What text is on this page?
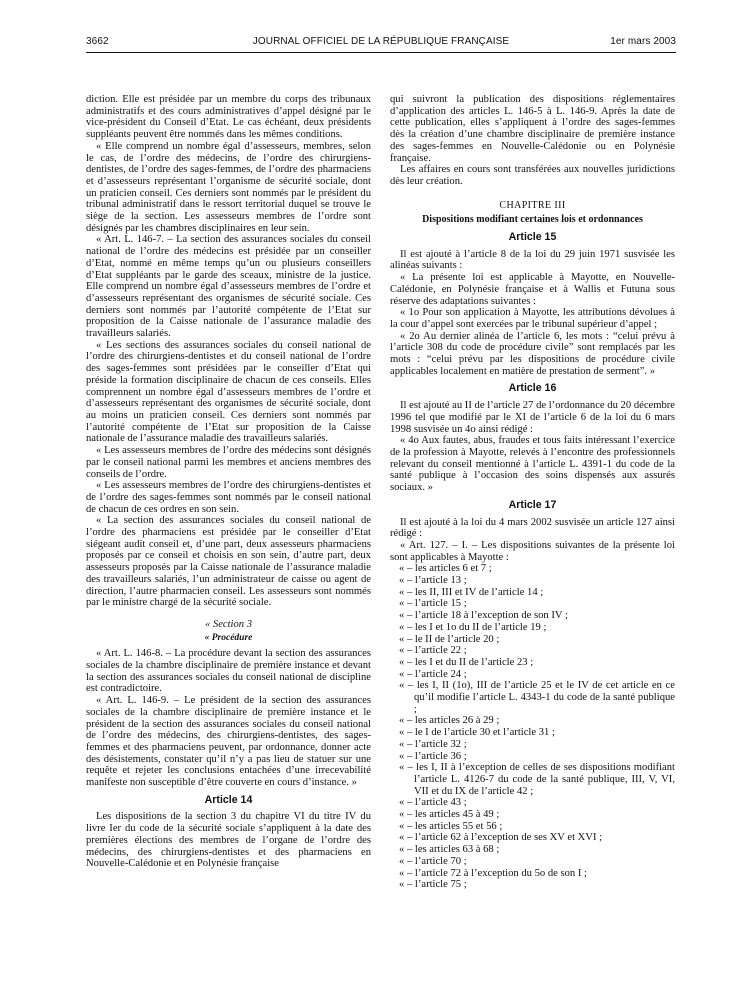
3662	JOURNAL OFFICIEL DE LA RÉPUBLIQUE FRANÇAISE	1er mars 2003

diction. Elle est présidée par un membre du corps des tribunaux administratifs et des cours administratives d’appel désigné par le vice-président du Conseil d’Etat. Le cas échéant, deux présidents suppléants peuvent être nommés dans les mêmes conditions.

« Elle comprend un nombre égal d’assesseurs, membres, selon le cas, de l’ordre des médecins, de l’ordre des chirurgiens-dentistes, de l’ordre des sages-femmes, de l’ordre des pharmaciens et d’assesseurs représentant l’organisme de sécurité sociale, dont un praticien conseil. Ces derniers sont nommés par le président du tribunal administratif dans le ressort territorial duquel se trouve le siège de la section. Les assesseurs membres de l’ordre sont désignés par les chambres disciplinaires en leur sein.

« Art. L. 146-7. – La section des assurances sociales du conseil national de l’ordre des médecins est présidée par un conseiller d’Etat, nommé en même temps qu’un ou plusieurs conseillers d’Etat suppléants par le garde des sceaux, ministre de la justice. Elle comprend un nombre égal d’assesseurs membres de l’ordre et d’assesseurs représentant des organismes de sécurité sociale. Ces derniers sont nommés par l’autorité compétente de l’Etat sur proposition de la Caisse nationale de l’assurance maladie des travailleurs salariés.

« Les sections des assurances sociales du conseil national de l’ordre des chirurgiens-dentistes et du conseil national de l’ordre des sages-femmes sont présidées par le conseiller d’Etat qui préside la formation disciplinaire de chacun de ces conseils. Elles comprennent un nombre égal d’assesseurs membres de l’ordre et d’assesseurs représentant des organismes de sécurité sociale, dont au moins un praticien conseil. Ces derniers sont nommés par l’autorité compétente de l’Etat sur proposition de la Caisse nationale de l’assurance maladie des travailleurs salariés.

« Les assesseurs membres de l’ordre des médecins sont désignés par le conseil national parmi les membres et anciens membres des conseils de l’ordre.

« Les assesseurs membres de l’ordre des chirurgiens-dentistes et de l’ordre des sages-femmes sont nommés par le conseil national de chacun de ces ordres en son sein.

« La section des assurances sociales du conseil national de l’ordre des pharmaciens est présidée par le conseiller d’Etat siégeant audit conseil et, d’une part, deux assesseurs pharmaciens proposés par ce conseil et choisis en son sein, d’autre part, deux assesseurs proposés par la Caisse nationale de l’assurance maladie des travailleurs salariés, l’un administrateur de caisse ou agent de direction, l’autre pharmacien conseil. Les assesseurs sont nommés par le ministre chargé de la sécurité sociale.

« Section 3

« Procédure

« Art. L. 146-8. – La procédure devant la section des assurances sociales de la chambre disciplinaire de première instance et devant la section des assurances sociales du conseil national de discipline est contradictoire.

« Art. L. 146-9. – Le président de la section des assurances sociales de la chambre disciplinaire de première instance et le président de la section des assurances sociales du conseil national de l’ordre des médecins, des chirurgiens-dentistes, des sages-femmes et des pharmaciens peuvent, par ordonnance, donner acte des désistements, constater qu’il n’y a pas lieu de statuer sur une requête et rejeter les conclusions entachées d’une irrecevabilité manifeste non susceptible d’être couverte en cours d’instance. »

Article 14

Les dispositions de la section 3 du chapitre VI du titre IV du livre Ier du code de la sécurité sociale s’appliquent à la date des premières élections des membres de l’organe de l’ordre des médecins, des chirurgiens-dentistes et des pharmaciens en Nouvelle-Calédonie et en Polynésie française

qui suivront la publication des dispositions réglementaires d’application des articles L. 146-5 à L. 146-9. Après la date de cette publication, elles s’appliquent à l’ordre des sages-femmes dès la création d’une chambre disciplinaire de première instance des sages-femmes en Nouvelle-Calédonie ou en Polynésie française.

Les affaires en cours sont transférées aux nouvelles juridictions dès leur création.

CHAPITRE III

Dispositions modifiant certaines lois et ordonnances

Article 15

Il est ajouté à l’article 8 de la loi du 29 juin 1971 susvisée les alinéas suivants :

« La présente loi est applicable à Mayotte, en Nouvelle-Calédonie, en Polynésie française et à Wallis et Futuna sous réserve des adaptations suivantes :

« 1o Pour son application à Mayotte, les attributions dévolues à la cour d’appel sont exercées par le tribunal supérieur d’appel ;

« 2o Au dernier alinéa de l’article 6, les mots : “celui prévu à l’article 308 du code de procédure civile” sont remplacés par les mots : “celui prévu par les dispositions de procédure civile applicables localement en matière de prestation de serment”. »

Article 16

Il est ajouté au II de l’article 27 de l’ordonnance du 20 décembre 1996 tel que modifié par le XI de l’article 6 de la loi du 6 mars 1998 susvisée un 4o ainsi rédigé :

« 4o Aux fautes, abus, fraudes et tous faits intéressant l’exercice de la profession à Mayotte, relevés à l’encontre des professionnels relevant du conseil mentionné à l’article L. 4391-1 du code de la santé publique à l’occasion des soins dispensés aux assurés sociaux. »

Article 17

Il est ajouté à la loi du 4 mars 2002 susvisée un article 127 ainsi rédigé :

« Art. 127. – I. – Les dispositions suivantes de la présente loi sont applicables à Mayotte :

« – les articles 6 et 7 ;

« – l’article 13 ;

« – les II, III et IV de l’article 14 ;

« – l’article 15 ;

« – l’article 18 à l’exception de son IV ;

« – les I et 1o du II de l’article 19 ;

« – le II de l’article 20 ;

« – l’article 22 ;

« – les I et du II de l’article 23 ;

« – l’article 24 ;

« – les I, II (1o), III de l’article 25 et le IV de cet article en ce qu’il modifie l’article L. 4343-1 du code de la santé publique ;

« – les articles 26 à 29 ;

« – le I de l’article 30 et l’article 31 ;

« – l’article 32 ;

« – l’article 36 ;

« – les I, II à l’exception de celles de ses dispositions modifiant l’article L. 4126-7 du code de la santé publique, III, V, VI, VII et du IX de l’article 42 ;

« – l’article 43 ;

« – les articles 45 à 49 ;

« – les articles 55 et 56 ;

« – l’article 62 à l’exception de ses XV et XVI ;

« – les articles 63 à 68 ;

« – l’article 70 ;

« – l’article 72 à l’exception du 5o de son I ;

« – l’article 75 ;
